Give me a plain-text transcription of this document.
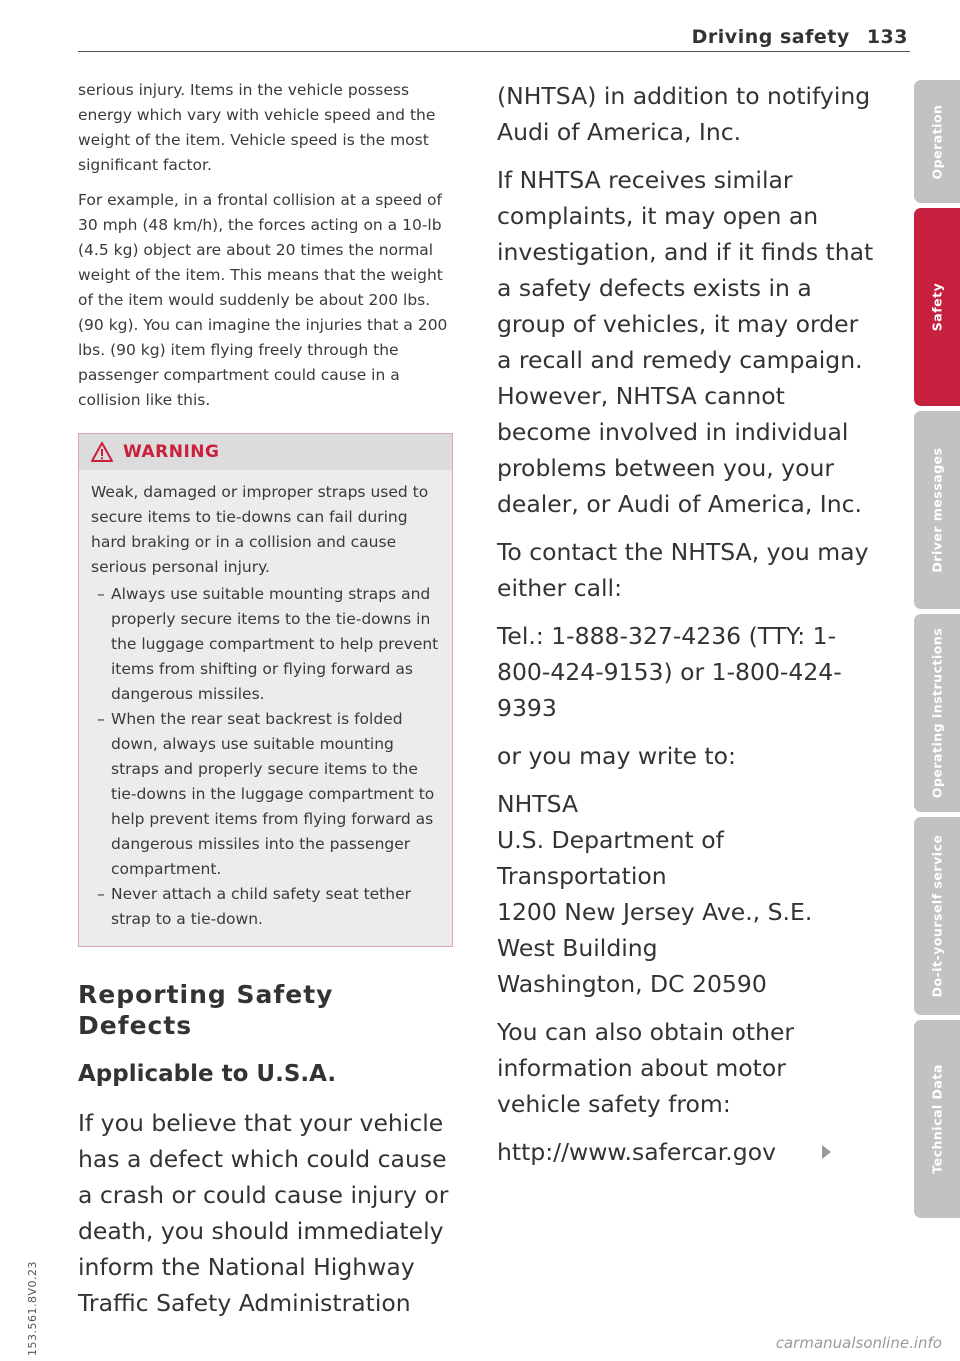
Driving safety 133

serious injury. Items in the vehicle possess energy which vary with vehicle speed and the weight of the item. Vehicle speed is the most significant factor.

For example, in a frontal collision at a speed of 30 mph (48 km/h), the forces acting on a 10-lb (4.5 kg) object are about 20 times the normal weight of the item. This means that the weight of the item would suddenly be about 200 lbs. (90 kg). You can imagine the injuries that a 200 lbs. (90 kg) item flying freely through the passenger compartment could cause in a collision like this.

WARNING

Weak, damaged or improper straps used to secure items to tie-downs can fail during hard braking or in a collision and cause serious personal injury.

– Always use suitable mounting straps and properly secure items to the tie-downs in the luggage compartment to help prevent items from shifting or flying forward as dangerous missiles.
– When the rear seat backrest is folded down, always use suitable mounting straps and properly secure items to the tie-downs in the luggage compartment to help prevent items from flying forward as dangerous missiles into the passenger compartment.
– Never attach a child safety seat tether strap to a tie-down.
Reporting Safety Defects
Applicable to U.S.A.

If you believe that your vehicle has a defect which could cause a crash or could cause injury or death, you should immediately inform the National Highway Traffic Safety Administration

(NHTSA) in addition to notifying Audi of America, Inc.

If NHTSA receives similar complaints, it may open an investigation, and if it finds that a safety defects exists in a group of vehicles, it may order a recall and remedy campaign. However, NHTSA cannot become involved in individual problems between you, your dealer, or Audi of America, Inc.

To contact the NHTSA, you may either call:

Tel.: 1-888-327-4236 (TTY: 1-800-424-9153) or 1-800-424-9393

or you may write to:

NHTSA
U.S. Department of Transportation
1200 New Jersey Ave., S.E.
West Building
Washington, DC 20590

You can also obtain other information about motor vehicle safety from:

http://www.safercar.gov
Operation
Safety
Driver messages
Operating instructions
Do-it-yourself service
Technical Data
153.561.8V0.23	carmanualsonline.info
